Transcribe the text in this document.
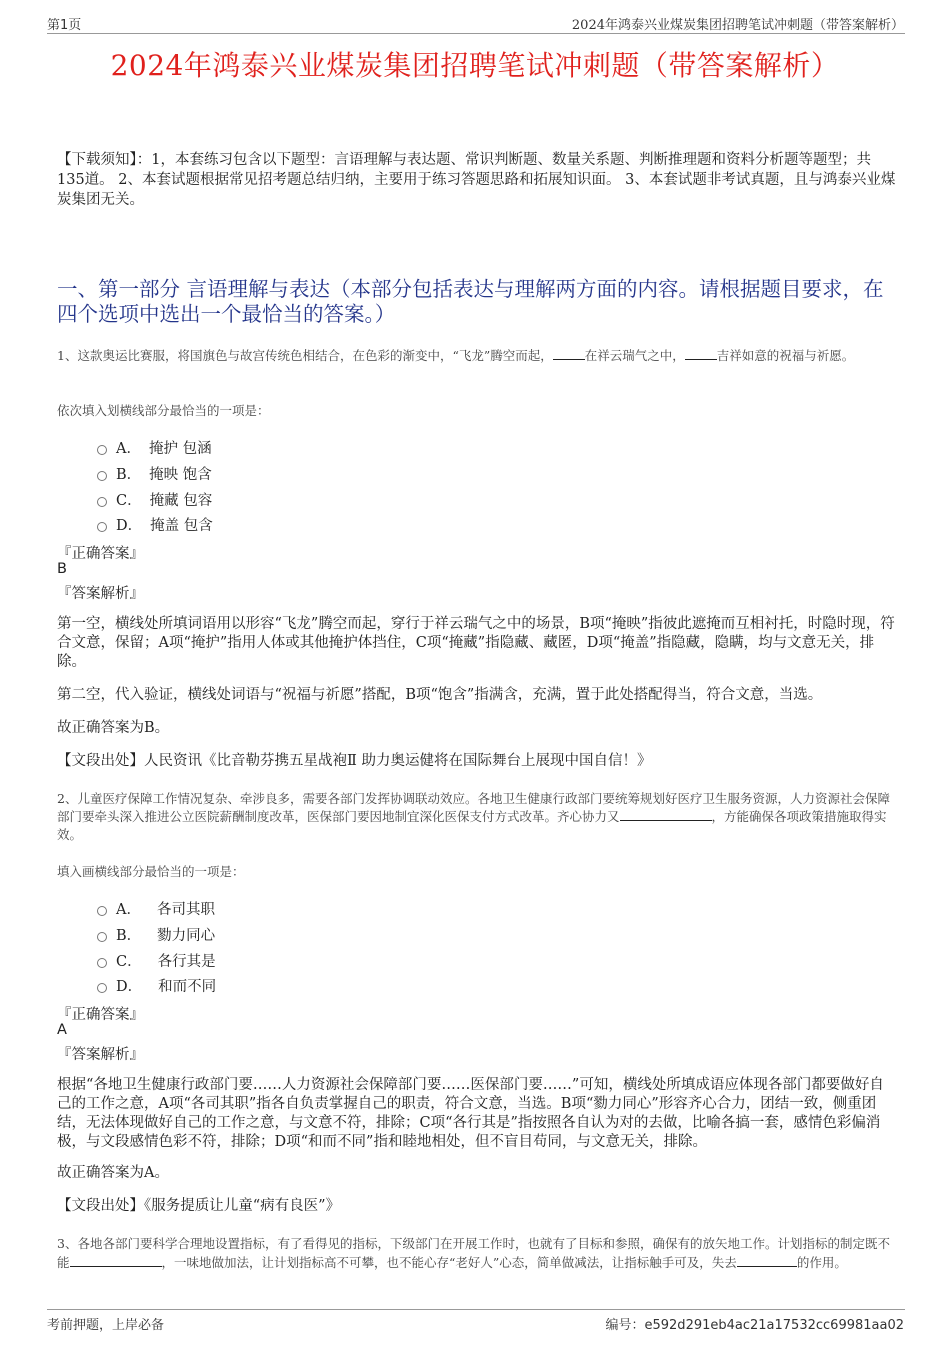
第1页	2024年鸿泰兴业煤炭集团招聘笔试冲刺题（带答案解析）
2024年鸿泰兴业煤炭集团招聘笔试冲刺题（带答案解析）
【下载须知】：1，本套练习包含以下题型：言语理解与表达题、常识判断题、数量关系题、判断推理题和资料分析题等题型；共135道。 2、本套试题根据常见招考题总结归纳，主要用于练习答题思路和拓展知识面。 3、本套试题非考试真题，且与鸿泰兴业煤炭集团无关。
一、第一部分 言语理解与表达（本部分包括表达与理解两方面的内容。请根据题目要求，在四个选项中选出一个最恰当的答案。）
1、这款奥运比赛服，将国旗色与故宫传统色相结合，在色彩的渐变中，“飞龙”腾空而起，	在祥云瑞气之中，	吉祥如意的祝福与祈愿。
依次填入划横线部分最恰当的一项是：
A． 掩护 包涵
B． 掩映 饱含
C． 掩藏 包容
D． 掩盖 包含
『正确答案』
B
『答案解析』
第一空，横线处所填词语用以形容“飞龙”腾空而起，穿行于祥云瑞气之中的场景，B项“掩映”指彼此遮掩而互相衬托，时隐时现，符合文意，保留；A项“掩护”指用人体或其他掩护体挡住，C项“掩藏”指隐藏、藏匿，D项“掩盖”指隐藏，隐瞒，均与文意无关，排除。
第二空，代入验证，横线处词语与“祝福与祈愿”搭配，B项“饱含”指满含，充满，置于此处搭配得当，符合文意，当选。
故正确答案为B。
【文段出处】人民资讯《比音勒芬携五星战袍Ⅱ 助力奥运健将在国际舞台上展现中国自信！》
2、儿童医疗保障工作情况复杂、牵涉良多，需要各部门发挥协调联动效应。各地卫生健康行政部门要统筹规划好医疗卫生服务资源，人力资源社会保障部门要牵头深入推进公立医院薪酬制度改革，医保部门要因地制宜深化医保支付方式改革。齐心协力又	，方能确保各项政策措施取得实效。
填入画横线部分最恰当的一项是：
A． 各司其职
B． 勠力同心
C． 各行其是
D． 和而不同
『正确答案』
A
『答案解析』
根据“各地卫生健康行政部门要……人力资源社会保障部门要……医保部门要……”可知，横线处所填成语应体现各部门都要做好自己的工作之意，A项“各司其职”指各自负责掌握自己的职责，符合文意，当选。B项“勠力同心”形容齐心合力，团结一致，侧重团结，无法体现做好自己的工作之意，与文意不符，排除；C项“各行其是”指按照各自认为对的去做，比喻各搞一套，感情色彩偏消极，与文段感情色彩不符，排除；D项“和而不同”指和睦地相处，但不盲目苟同，与文意无关，排除。
故正确答案为A。
【文段出处】《服务提质让儿童“病有良医”》
3、各地各部门要科学合理地设置指标，有了看得见的指标，下级部门在开展工作时，也就有了目标和参照，确保有的放矢地工作。计划指标的制定既不能	，一味地做加法，让计划指标高不可攀，也不能心存“老好人”心态，简单做减法，让指标触手可及，失去	的作用。
考前押题，上岸必备	编号：e592d291eb4ac21a17532cc69981aa02
